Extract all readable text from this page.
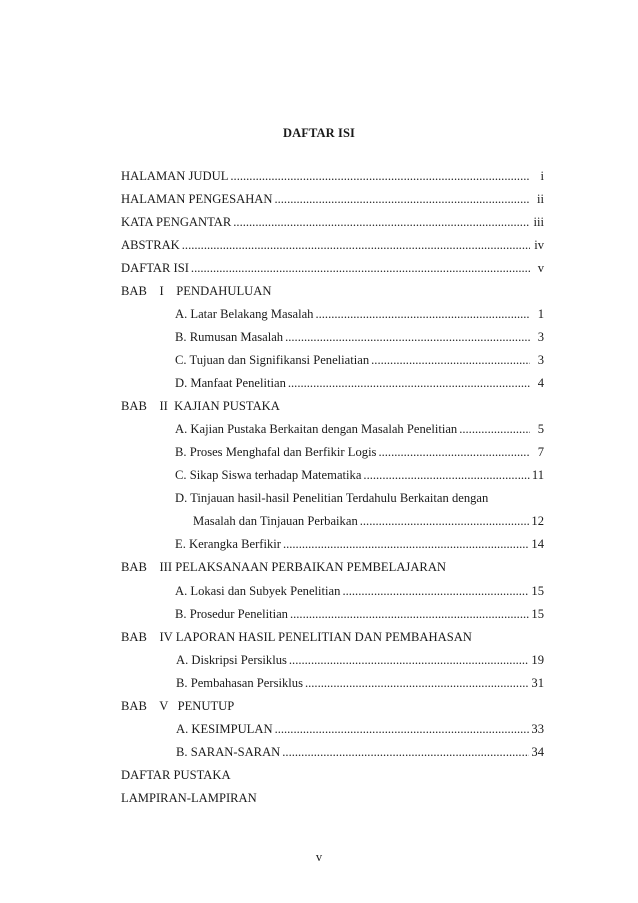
DAFTAR ISI
HALAMAN JUDUL .....	i
HALAMAN PENGESAHAN .....	ii
KATA PENGANTAR .....	iii
ABSTRAK .....	iv
DAFTAR ISI .....	v
BAB    I    PENDAHULUAN
A. Latar Belakang Masalah .....	1
B. Rumusan Masalah .....	3
C. Tujuan dan Signifikansi Peneliatian .....	3
D. Manfaat Penelitian .....	4
BAB    II  KAJIAN PUSTAKA
A. Kajian Pustaka Berkaitan dengan Masalah Penelitian .....	5
B. Proses Menghafal dan Berfikir Logis .....	7
C. Sikap Siswa terhadap Matematika .....	11
D. Tinjauan hasil-hasil Penelitian Terdahulu Berkaitan dengan
Masalah dan Tinjauan Perbaikan .....	12
E. Kerangka Berfikir .....	14
BAB    III PELAKSANAAN PERBAIKAN PEMBELAJARAN
A. Lokasi dan Subyek Penelitian .....	15
B. Prosedur Penelitian .....	15
BAB    IV LAPORAN HASIL PENELITIAN DAN PEMBAHASAN
A. Diskripsi Persiklus .....	19
B. Pembahasan Persiklus .....	31
BAB    V   PENUTUP
A. KESIMPULAN .....	33
B. SARAN-SARAN .....	34
DAFTAR PUSTAKA
LAMPIRAN-LAMPIRAN
v
